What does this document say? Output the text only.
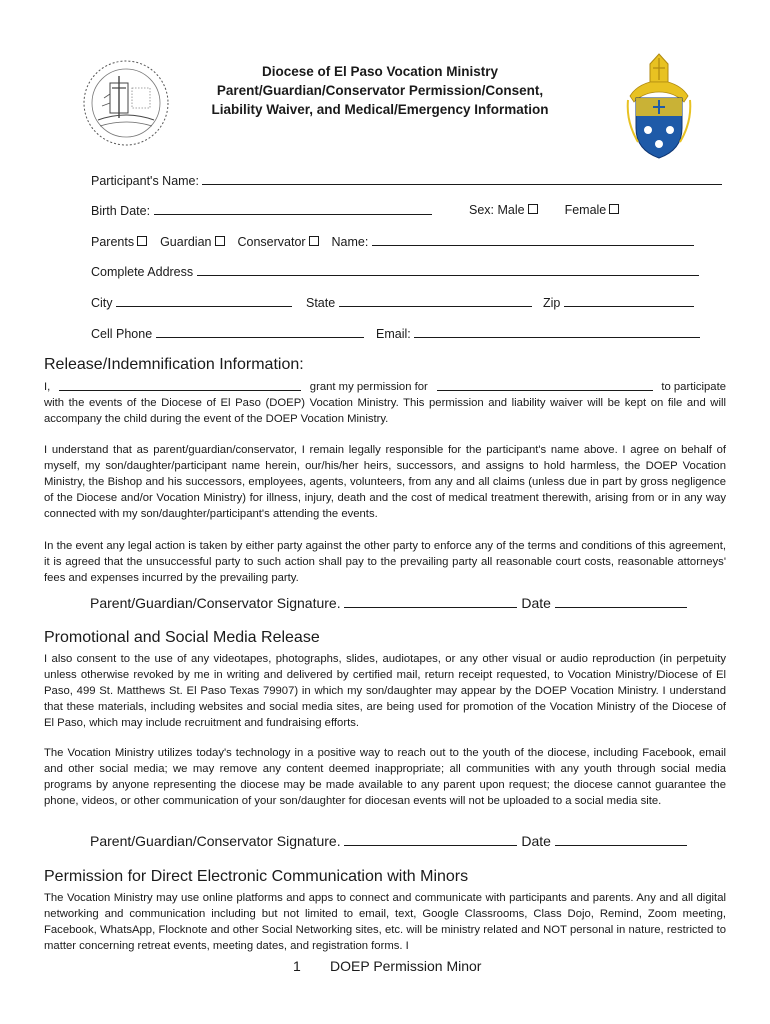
Diocese of El Paso Vocation Ministry
Parent/Guardian/Conservator Permission/Consent,
Liability Waiver, and Medical/Emergency Information
Participant's Name:
Birth Date:	Sex: Male	Female
Parents Guardian Conservator Name:
Complete Address
City	State	Zip
Cell Phone	Email:
Release/Indemnification Information:
I,	grant my permission for	to participate
with the events of the Diocese of El Paso (DOEP) Vocation Ministry. This permission and liability waiver will be kept on file and will accompany the child during the event of the DOEP Vocation Ministry.

I understand that as parent/guardian/conservator, I remain legally responsible for the participant's name above. I agree on behalf of myself, my son/daughter/participant name herein, our/his/her heirs, successors, and assigns to hold harmless, the DOEP Vocation Ministry, the Bishop and his successors, employees, agents, volunteers, from any and all claims (unless due in part by gross negligence of the Diocese and/or Vocation Ministry) for illness, injury, death and the cost of medical treatment therewith, arising from or in any way connected with my son/daughter/participant's attending the events.

In the event any legal action is taken by either party against the other party to enforce any of the terms and conditions of this agreement, it is agreed that the unsuccessful party to such action shall pay to the prevailing party all reasonable court costs, reasonable attorneys' fees and expenses incurred by the prevailing party.

Parent/Guardian/Conservator Signature.	Date
Promotional and Social Media Release

I also consent to the use of any videotapes, photographs, slides, audiotapes, or any other visual or audio reproduction (in perpetuity unless otherwise revoked by me in writing and delivered by certified mail, return receipt requested, to Vocation Ministry/Diocese of El Paso, 499 St. Matthews St. El Paso Texas 79907) in which my son/daughter may appear by the DOEP Vocation Ministry. I understand that these materials, including websites and social media sites, are being used for promotion of the Vocation Ministry of the Diocese of El Paso, which may include recruitment and fundraising efforts.

The Vocation Ministry utilizes today's technology in a positive way to reach out to the youth of the diocese, including Facebook, email and other social media; we may remove any content deemed inappropriate; all communities with any youth through social media programs by anyone representing the diocese may be made available to any parent upon request; the diocese cannot guarantee the phone, videos, or other communication of your son/daughter for diocesan events will not be uploaded to a social media site.

Parent/Guardian/Conservator Signature.	Date
Permission for Direct Electronic Communication with Minors

The Vocation Ministry may use online platforms and apps to connect and communicate with participants and parents. Any and all digital networking and communication including but not limited to email, text, Google Classrooms, Class Dojo, Remind, Zoom meeting, Facebook, WhatsApp, Flocknote and other Social Networking sites, etc. will be ministry related and NOT personal in nature, restricted to matter concerning retreat events, meeting dates, and registration forms. I

1 DOEP Permission Minor
